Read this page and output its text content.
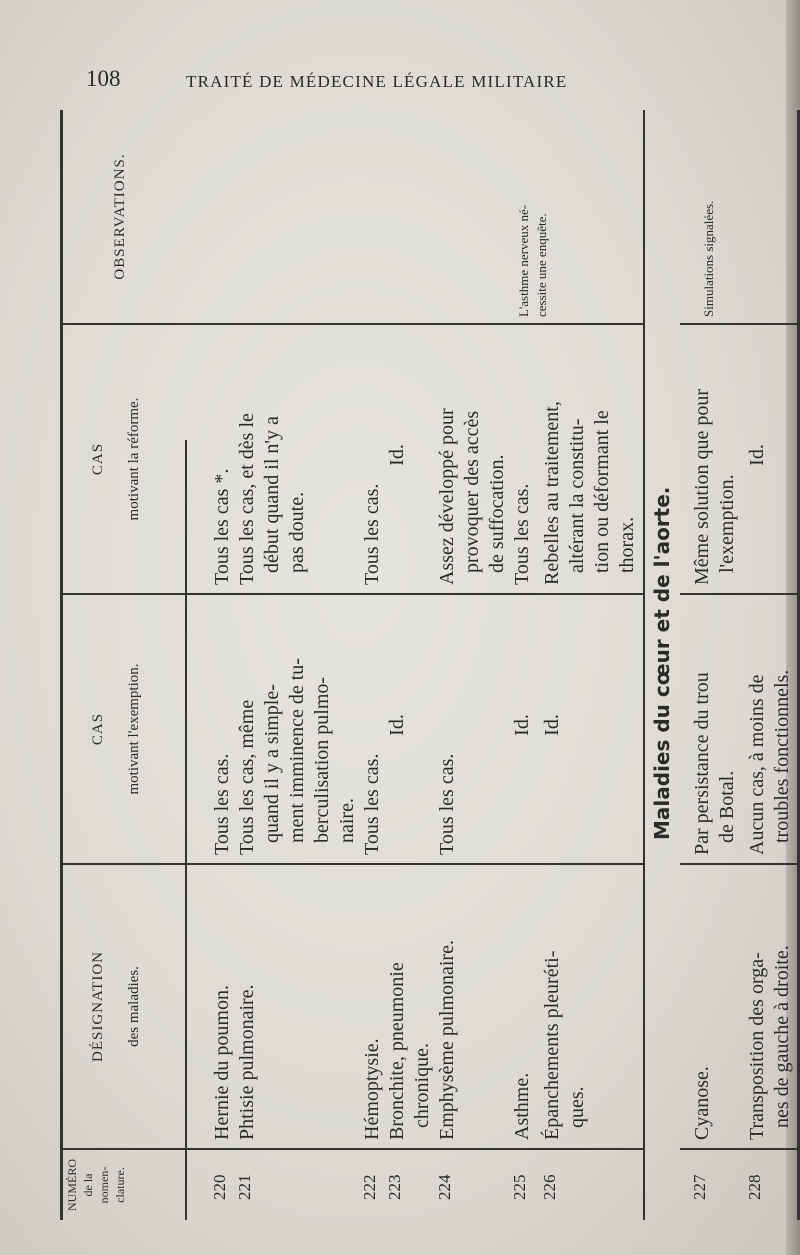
108	TRAITÉ DE MÉDECINE LÉGALE MILITAIRE
NUMÉRO de la nomen- clature.
DÉSIGNATION des maladies.
CAS motivant l'exemption.
CAS motivant la réforme.
OBSERVATIONS.
220
Hernie du poumon.
Tous les cas.
Tous les cas *.
221
Phtisie pulmonaire.
Tous les cas, même quand il y a simple- ment imminence de tu- berculisation pulmo- naire.
Tous les cas, et dès le début quand il n'y a pas doute.
222
Hémoptysie.
Tous les cas.
Tous les cas.
223
Bronchite, pneumonie chronique.
Id.
Id.
224
Emphysème pulmonaire.
Tous les cas.
Assez développé pour provoquer des accès de suffocation.
225
Asthme.
Id.
Tous les cas.
L'asthme nerveux né- cessite une enquête.
226
Épanchements pleuréti- ques.
Id.
Rebelles au traitement, altérant la constitu- tion ou déformant le thorax. Maladies du cœur et de l'aorte.
227
Cyanose.
Par persistance du trou de Botal.
Même solution que pour l'exemption.
Simulations signalées.
228
Transposition des orga- nes de gauche à droite.
Aucun cas, à moins de troubles fonctionnels.
Id.
